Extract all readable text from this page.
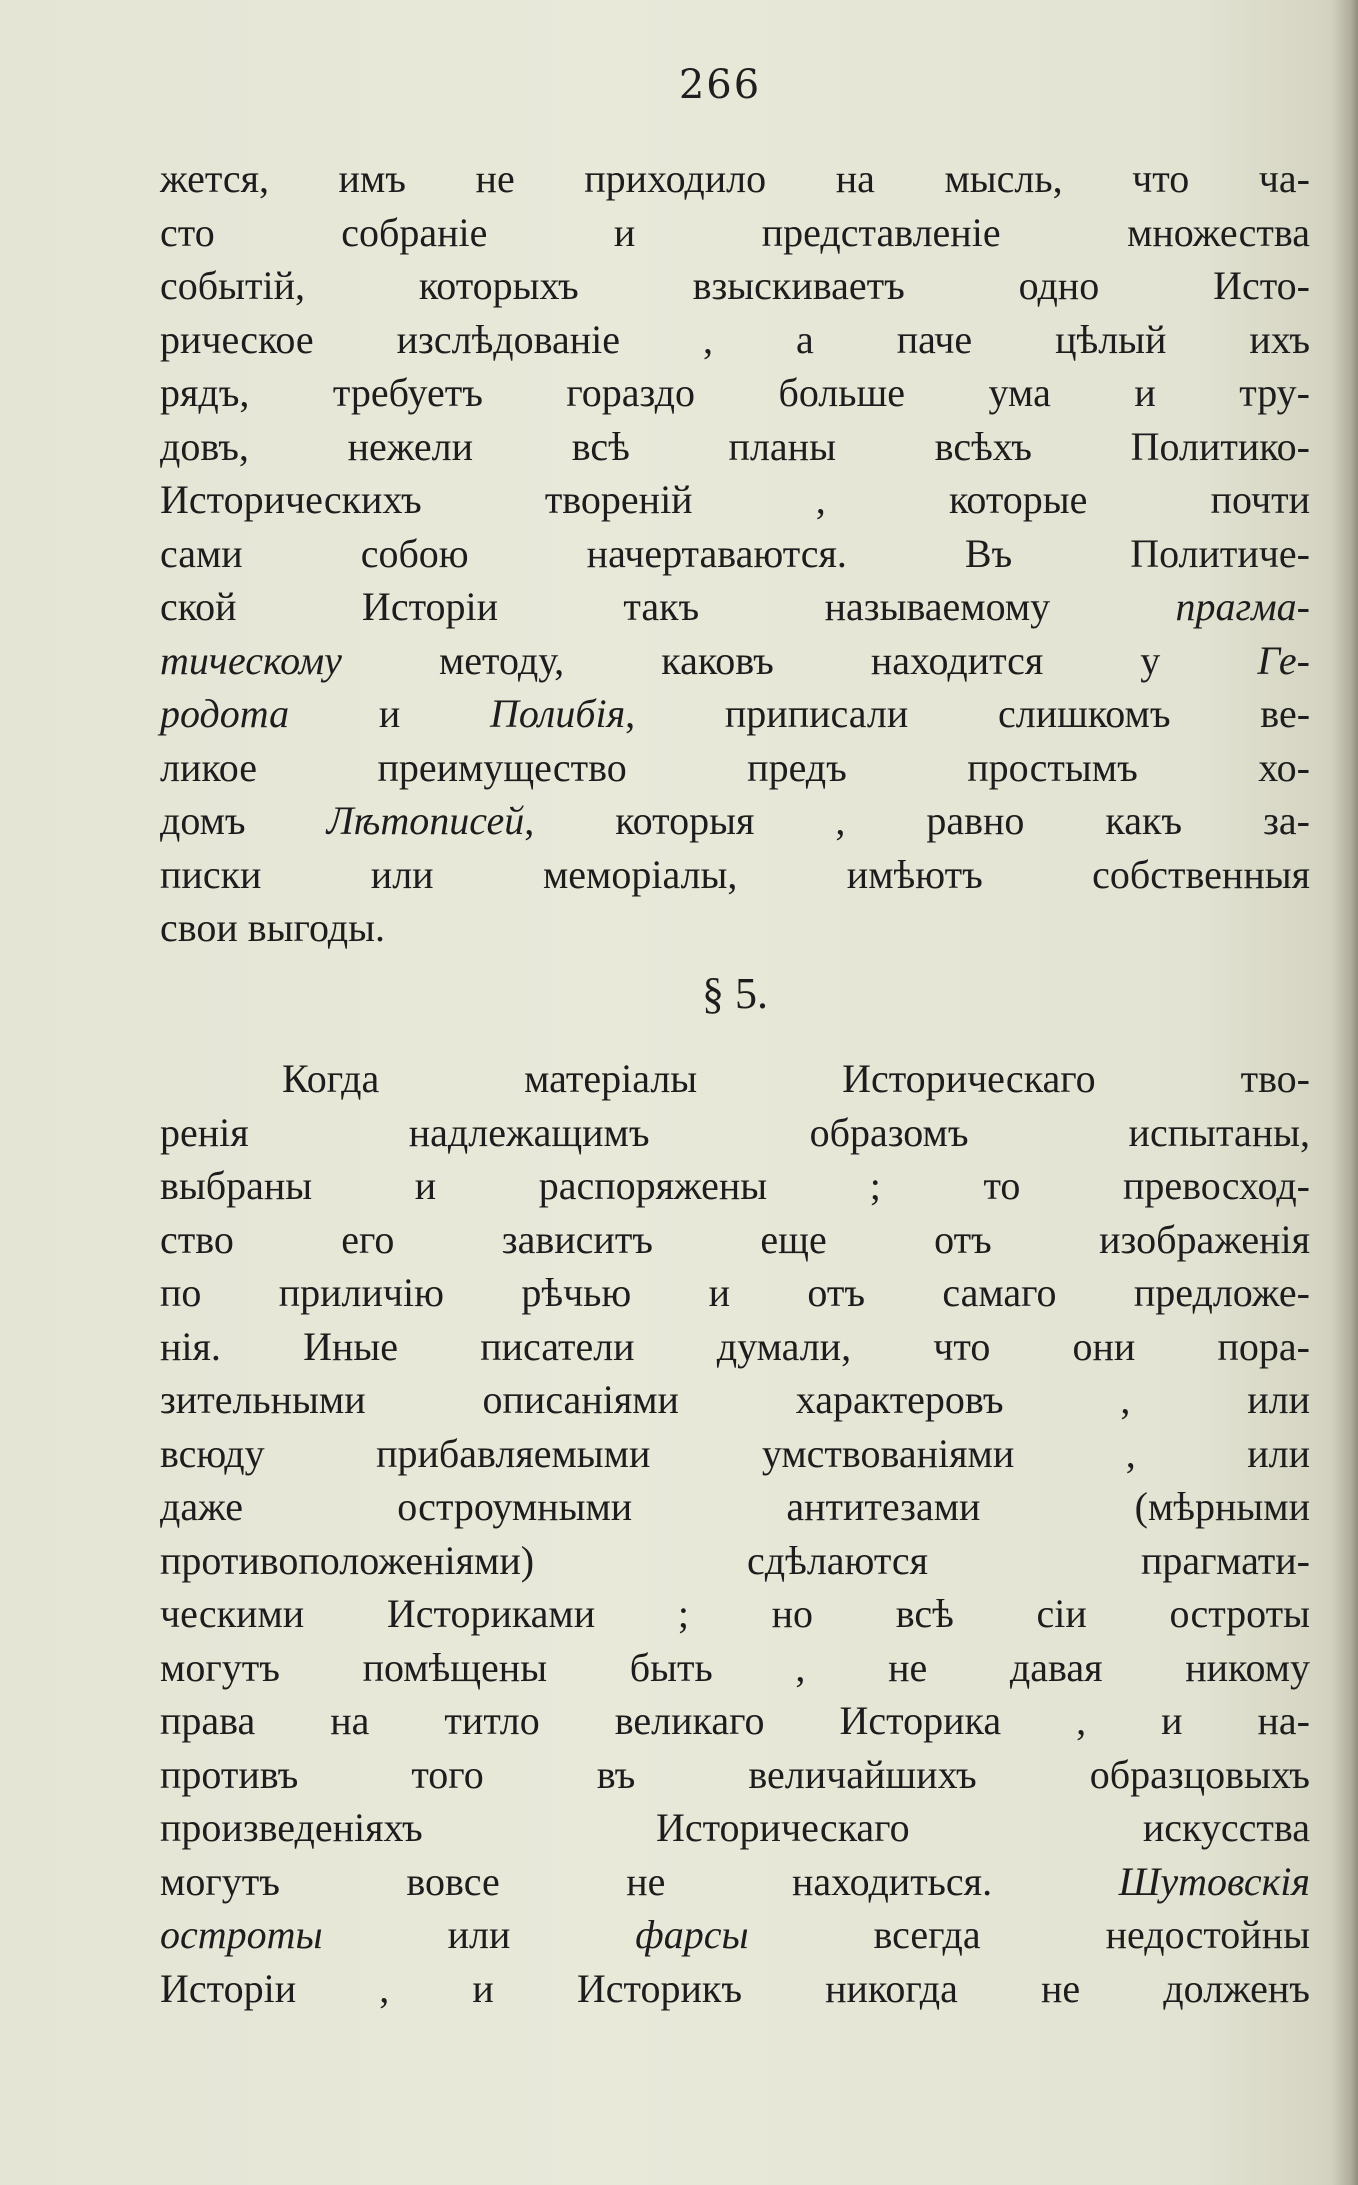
266
жется, имъ не приходило на мысль, что ча-
сто собраніе и представленіе множества
событій, которыхъ взыскиваетъ одно Исто-
рическое изслѣдованіе , а паче цѣлый ихъ
рядъ, требуетъ гораздо больше ума и тру-
довъ, нежели всѣ планы всѣхъ Политико-
Историческихъ твореній , которые почти
сами собою начертаваются. Въ Политиче-
ской Исторіи такъ называемому прагма-
тическому методу, каковъ находится у Ге-
родота и Полибія, приписали слишкомъ ве-
ликое преимущество предъ простымъ хо-
домъ Лѣтописей, которыя , равно какъ за-
писки или меморіалы, имѣютъ собственныя
свои выгоды.
§ 5.
Когда матеріалы Историческаго тво-
ренія надлежащимъ образомъ испытаны,
выбраны и распоряжены ; то превосход-
ство его зависитъ еще отъ изображенія
по приличію рѣчью и отъ самаго предложе-
нія. Иные писатели думали, что они пора-
зительными описаніями характеровъ , или
всюду прибавляемыми умствованіями , или
даже остроумными антитезами (мѣрными
противоположеніями) сдѣлаются прагмати-
ческими Историками ; но всѣ сіи остроты
могутъ помѣщены быть , не давая никому
права на титло великаго Историка , и на-
противъ того въ величайшихъ образцовыхъ
произведеніяхъ Историческаго искусства
могутъ вовсе не находиться. Шутовскія
остроты или фарсы всегда недостойны
Исторіи , и Историкъ никогда не долженъ
